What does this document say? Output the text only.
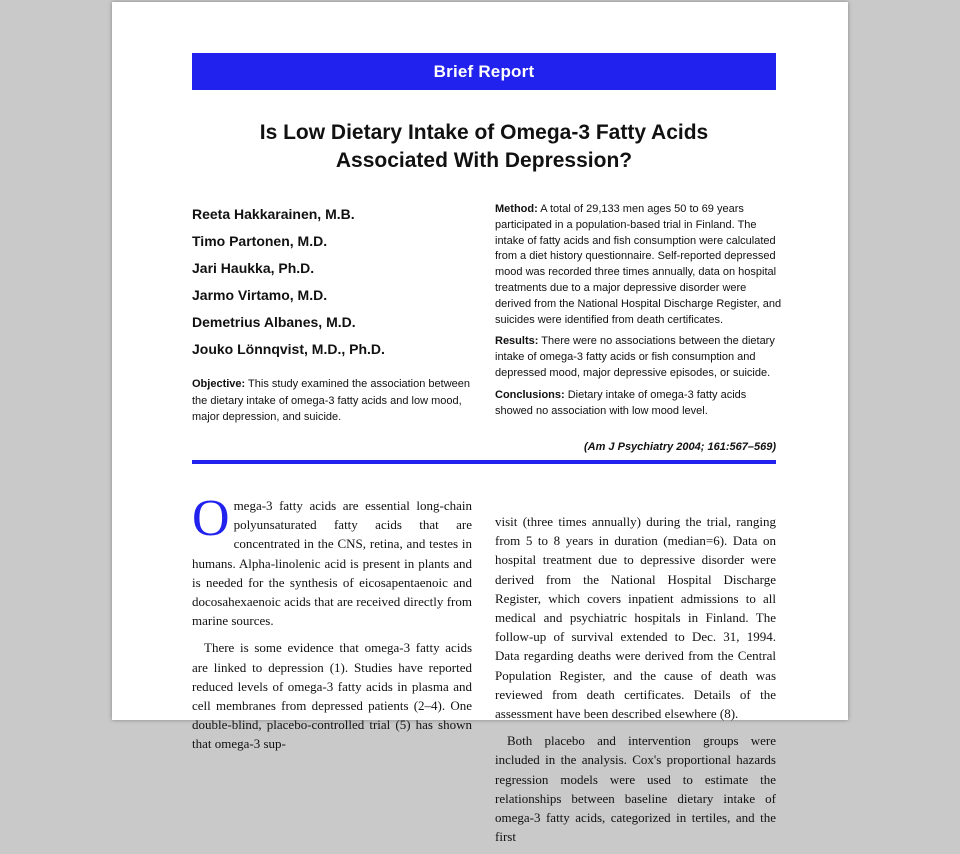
Brief Report
Is Low Dietary Intake of Omega-3 Fatty Acids
Associated With Depression?
Reeta Hakkarainen, M.B.
Timo Partonen, M.D.
Jari Haukka, Ph.D.
Jarmo Virtamo, M.D.
Demetrius Albanes, M.D.
Jouko Lönnqvist, M.D., Ph.D.
Objective: This study examined the association between the dietary intake of omega-3 fatty acids and low mood, major depression, and suicide.

Method: A total of 29,133 men ages 50 to 69 years participated in a population-based trial in Finland. The intake of fatty acids and fish consumption were calculated from a diet history questionnaire. Self-reported depressed mood was recorded three times annually, data on hospital treatments due to a major depressive disorder were derived from the National Hospital Discharge Register, and suicides were identified from death certificates.

Results: There were no associations between the dietary intake of omega-3 fatty acids or fish consumption and depressed mood, major depressive episodes, or suicide.

Conclusions: Dietary intake of omega-3 fatty acids showed no association with low mood level.

(Am J Psychiatry 2004; 161:567–569)

O mega-3 fatty acids are essential long-chain polyunsaturated fatty acids that are concentrated in the CNS, retina, and testes in humans. Alpha-linolenic acid is present in plants and is needed for the synthesis of eicosapentaenoic and docosahexaenoic acids that are received directly from marine sources.

There is some evidence that omega-3 fatty acids are linked to depression (1). Studies have reported reduced levels of omega-3 fatty acids in plasma and cell membranes from depressed patients (2–4). One double-blind, placebo-controlled trial (5) has shown that omega-3 sup-

visit (three times annually) during the trial, ranging from 5 to 8 years in duration (median=6). Data on hospital treatment due to depressive disorder were derived from the National Hospital Discharge Register, which covers inpatient admissions to all medical and psychiatric hospitals in Finland. The follow-up of survival extended to Dec. 31, 1994. Data regarding deaths were derived from the Central Population Register, and the cause of death was reviewed from death certificates. Details of the assessment have been described elsewhere (8).

Both placebo and intervention groups were included in the analysis. Cox's proportional hazards regression models were used to estimate the relationships between baseline dietary intake of omega-3 fatty acids, categorized in tertiles, and the first
